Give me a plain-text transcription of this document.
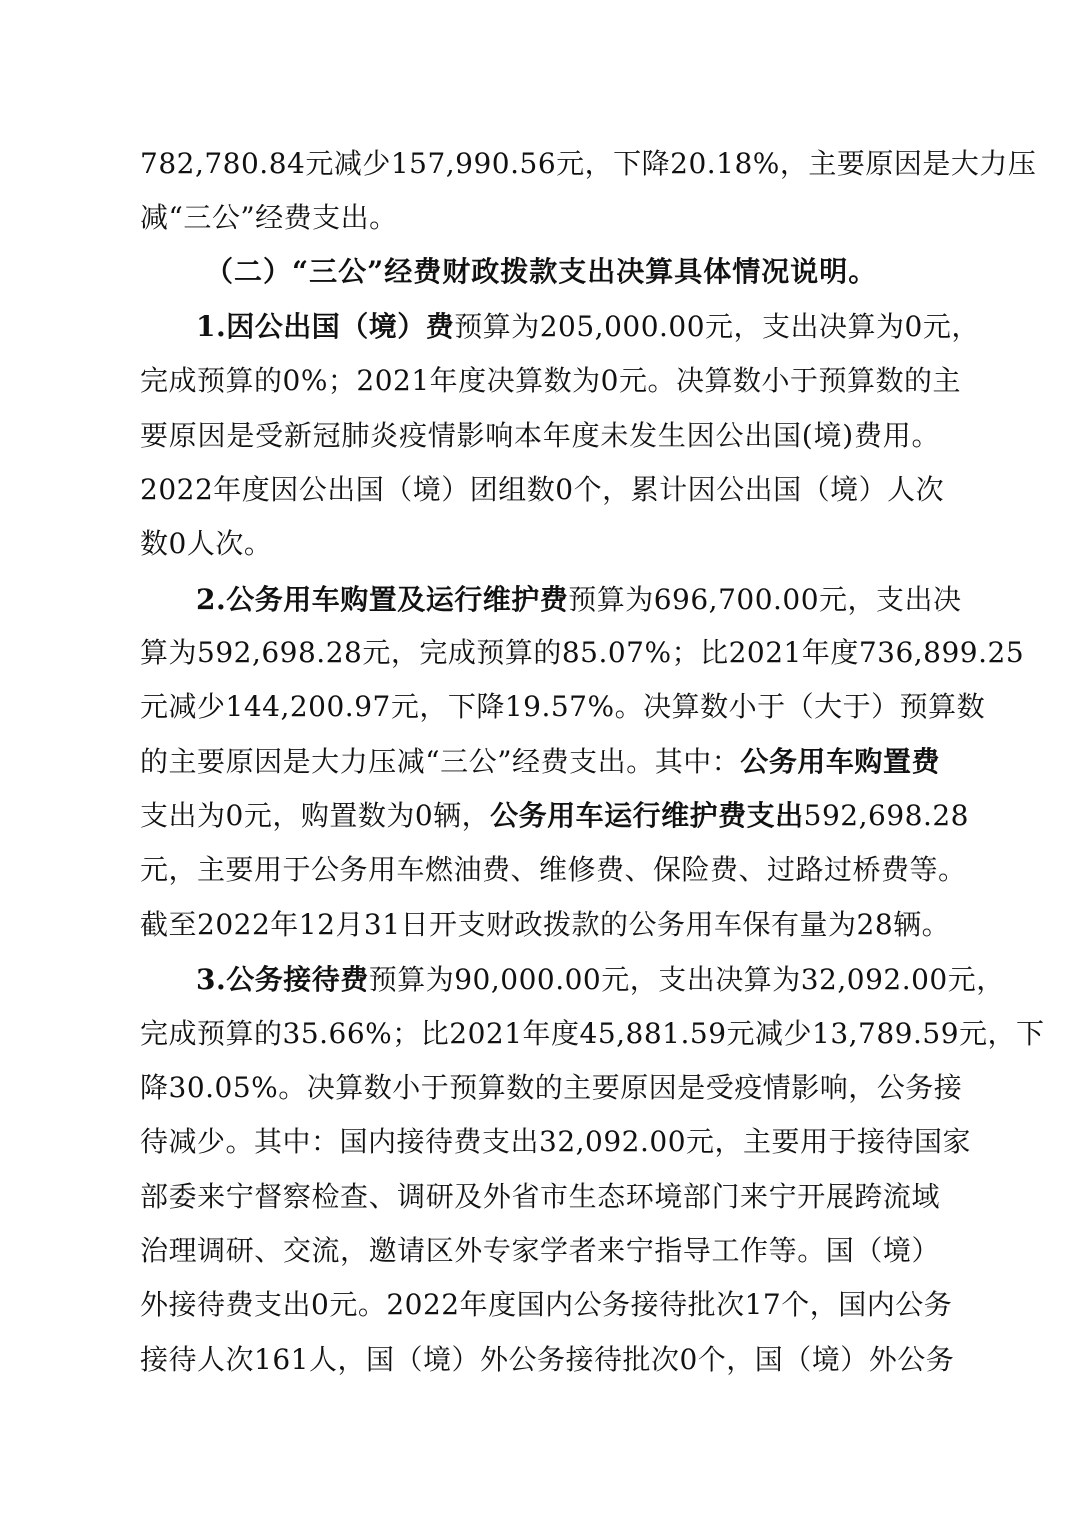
782,780.84元减少157,990.56元，下降20.18%，主要原因是大力压
减“三公”经费支出。
（二）“三公”经费财政拨款支出决算具体情况说明。
1.因公出国（境）费预算为205,000.00元，支出决算为0元，
完成预算的0%；2021年度决算数为0元。决算数小于预算数的主
要原因是受新冠肺炎疫情影响本年度未发生因公出国(境)费用。
2022年度因公出国（境）团组数0个，累计因公出国（境）人次
数0人次。
2.公务用车购置及运行维护费预算为696,700.00元，支出决
算为592,698.28元，完成预算的85.07%；比2021年度736,899.25
元减少144,200.97元，下降19.57%。决算数小于（大于）预算数
的主要原因是大力压减“三公”经费支出。其中：公务用车购置费
支出为0元，购置数为0辆，公务用车运行维护费支出592,698.28
元，主要用于公务用车燃油费、维修费、保险费、过路过桥费等。
截至2022年12月31日开支财政拨款的公务用车保有量为28辆。
3.公务接待费预算为90,000.00元，支出决算为32,092.00元，
完成预算的35.66%；比2021年度45,881.59元减少13,789.59元，下
降30.05%。决算数小于预算数的主要原因是受疫情影响，公务接
待减少。其中：国内接待费支出32,092.00元，主要用于接待国家
部委来宁督察检查、调研及外省市生态环境部门来宁开展跨流域
治理调研、交流，邀请区外专家学者来宁指导工作等。国（境）
外接待费支出0元。2022年度国内公务接待批次17个，国内公务
接待人次161人，国（境）外公务接待批次0个，国（境）外公务
